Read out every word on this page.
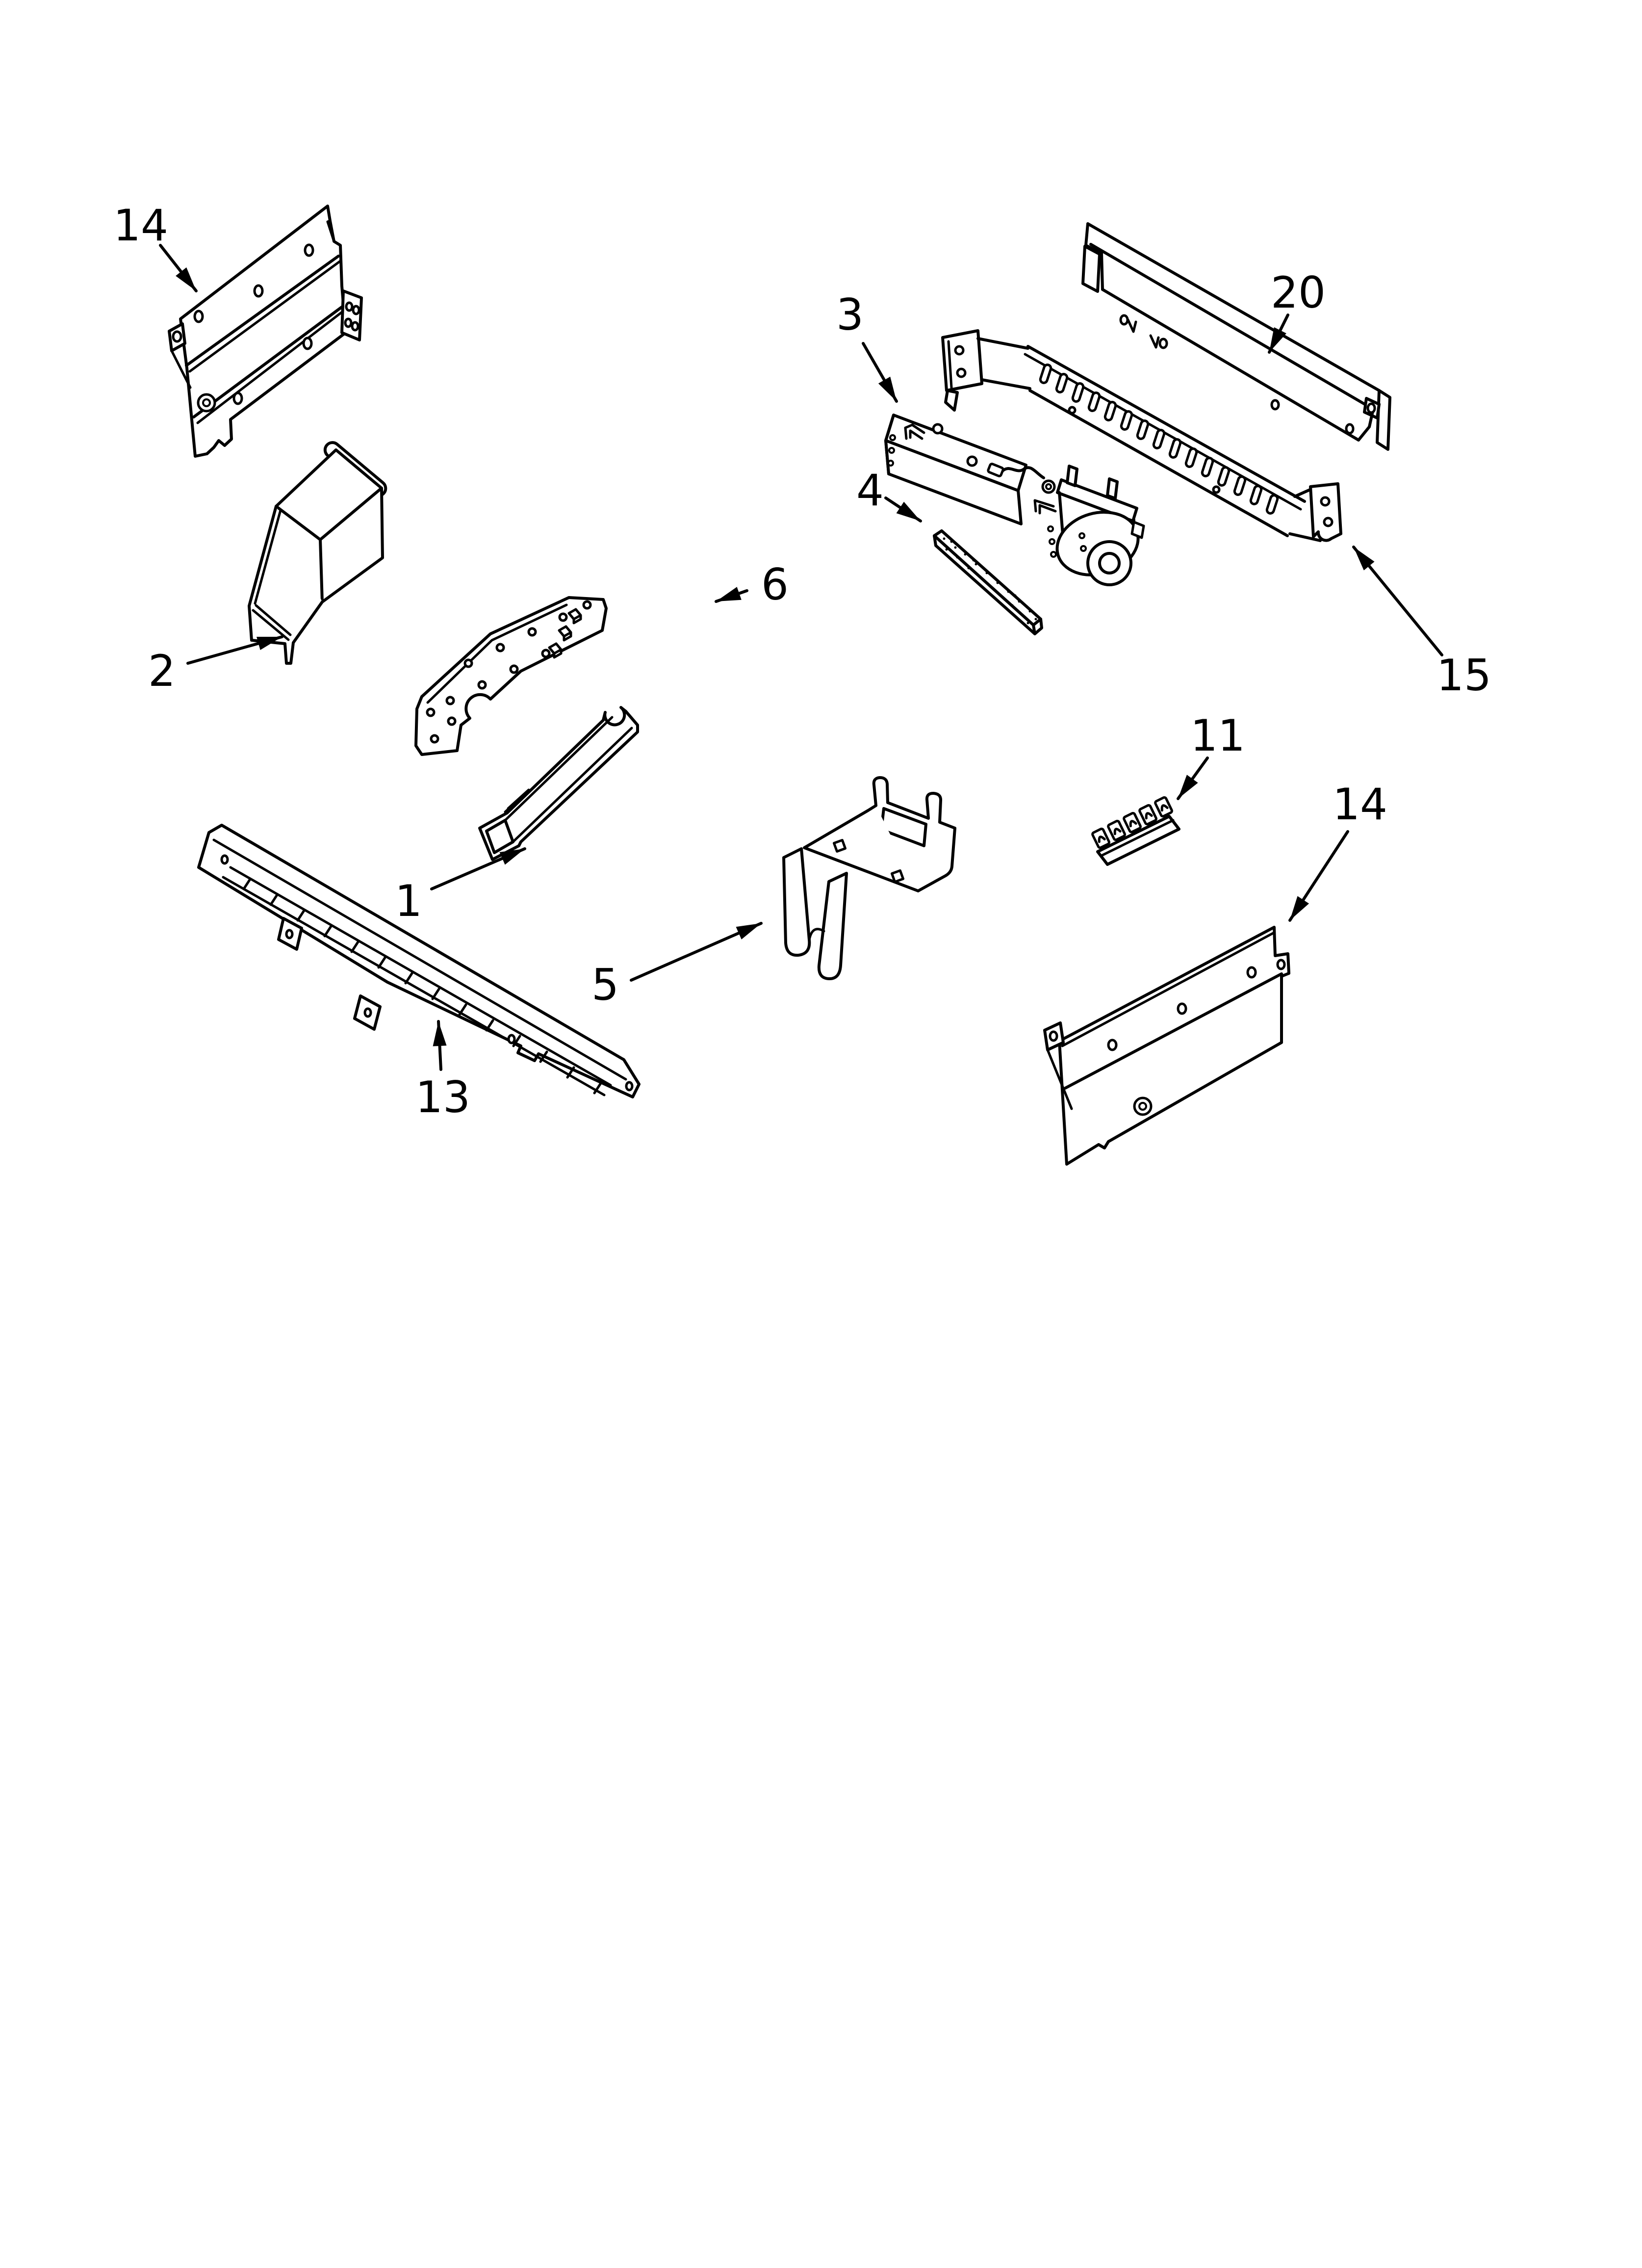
14
2
6
1
13
5
3
4
20
15
11
14
